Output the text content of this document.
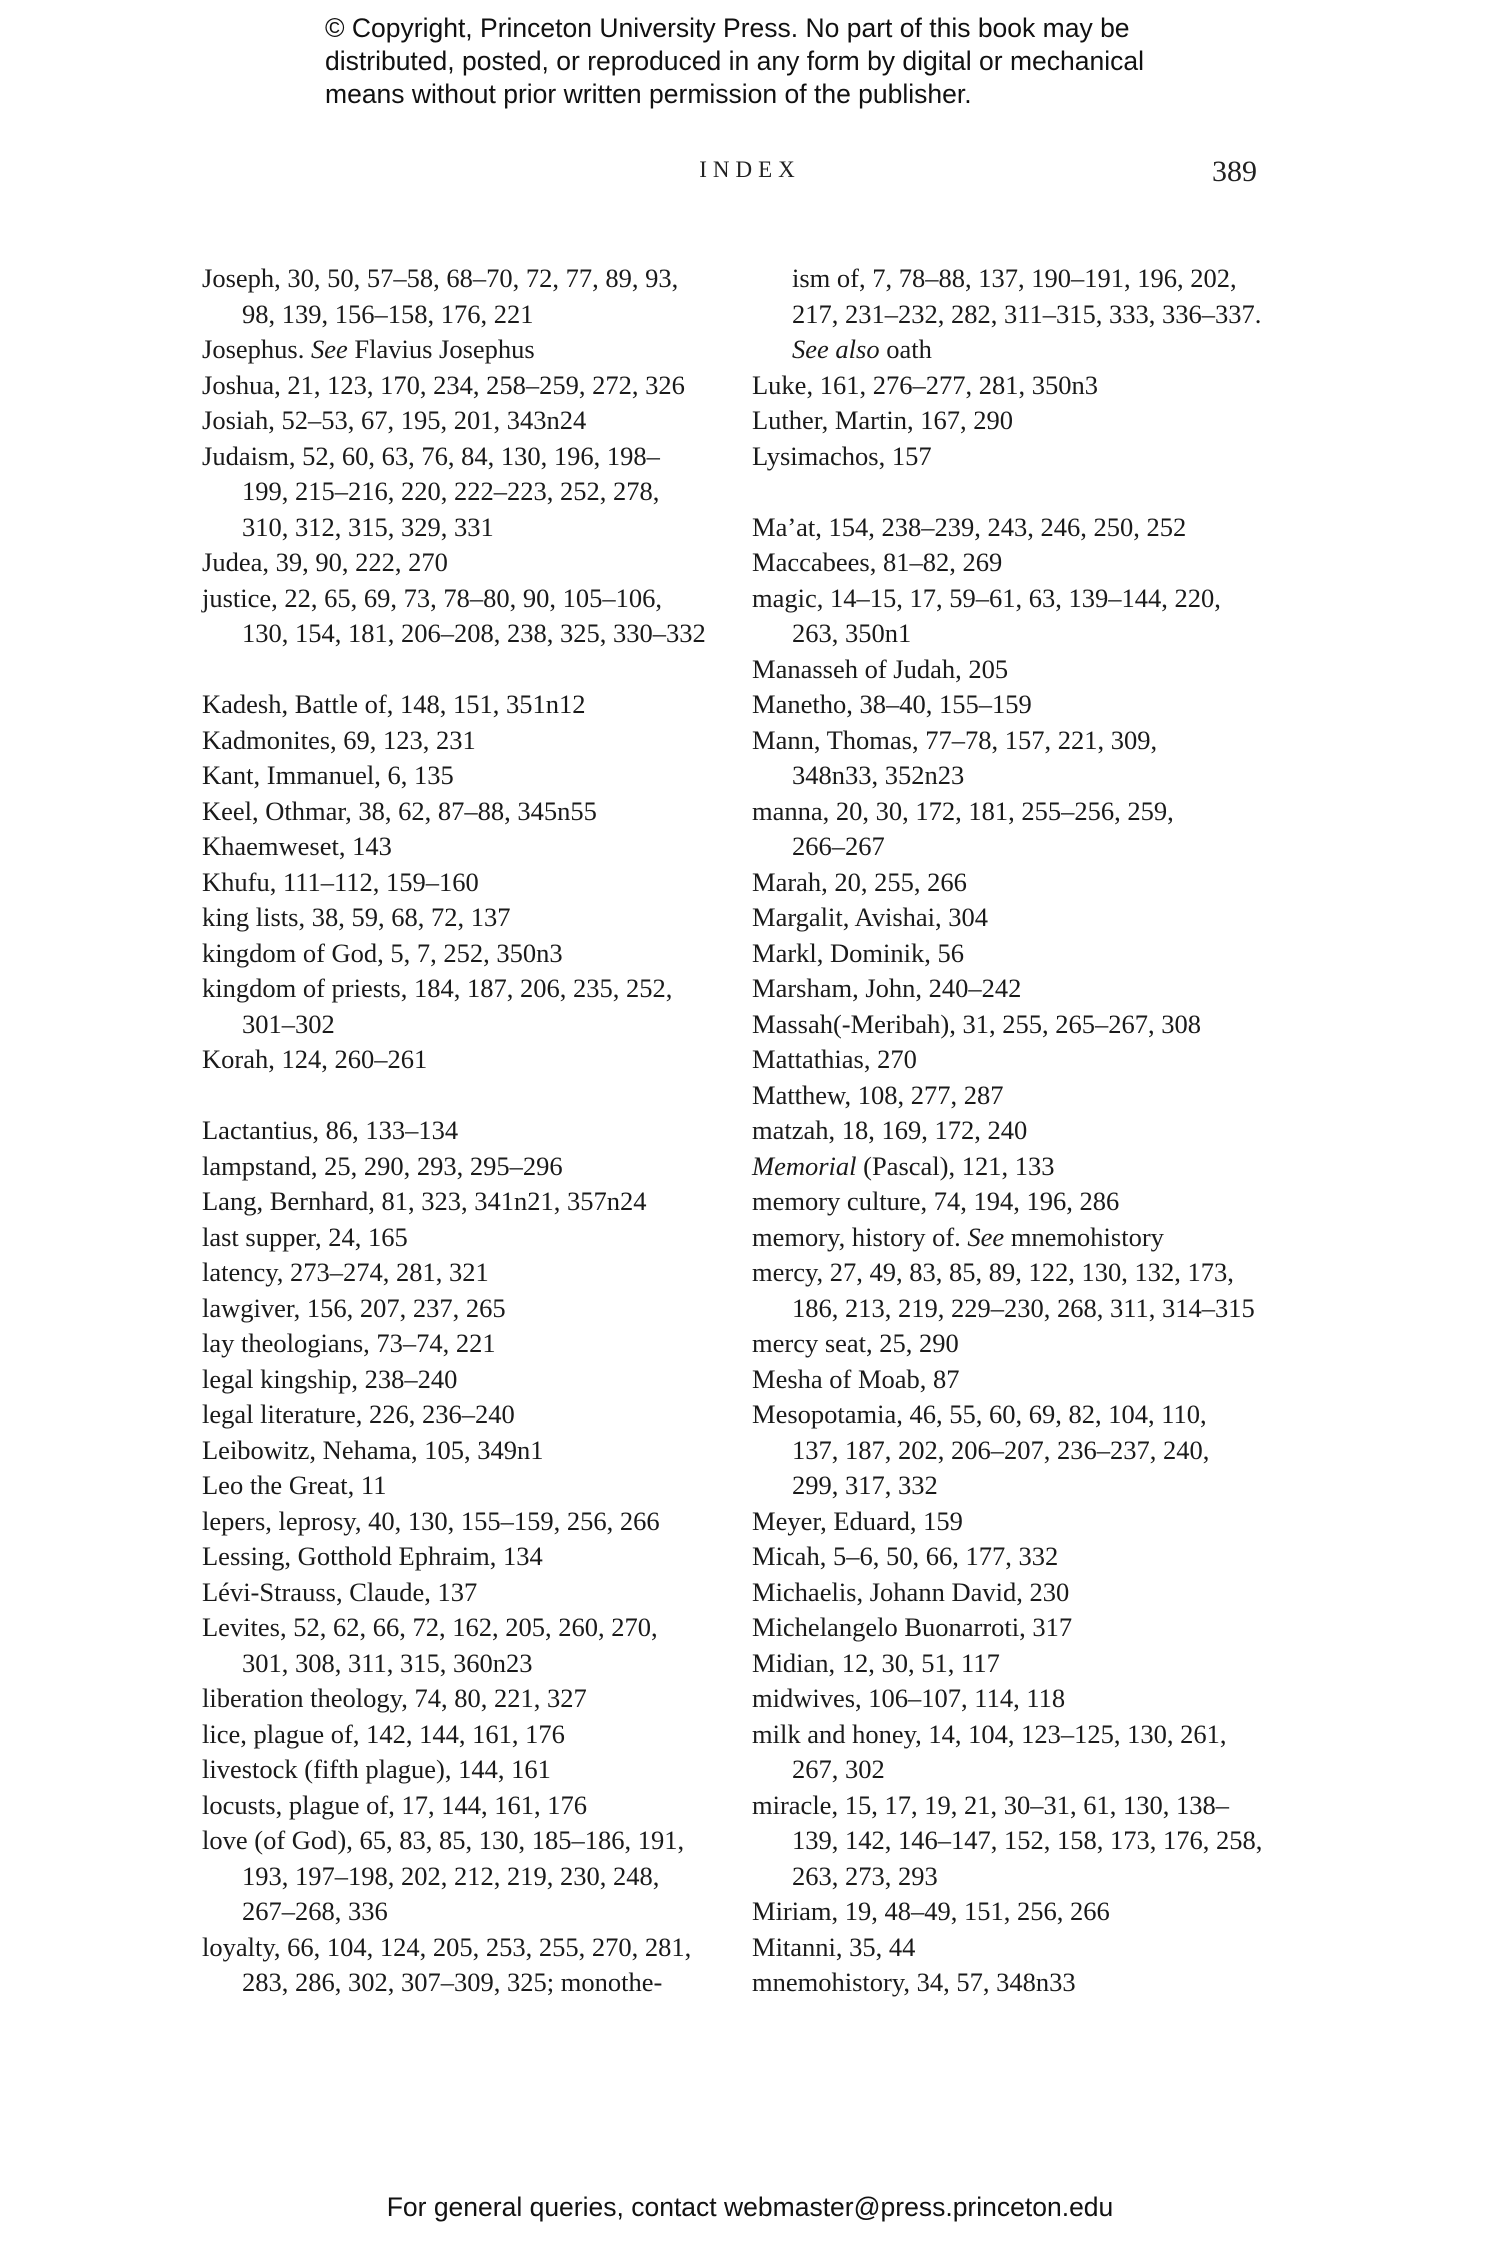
© Copyright, Princeton University Press. No part of this book may be
distributed, posted, or reproduced in any form by digital or mechanical
means without prior written permission of the publisher.
INDEX	389
Joseph, 30, 50, 57–58, 68–70, 72, 77, 89, 93,
98, 139, 156–158, 176, 221
Josephus. See Flavius Josephus
Joshua, 21, 123, 170, 234, 258–259, 272, 326
Josiah, 52–53, 67, 195, 201, 343n24
Judaism, 52, 60, 63, 76, 84, 130, 196, 198–
199, 215–216, 220, 222–223, 252, 278,
310, 312, 315, 329, 331
Judea, 39, 90, 222, 270
justice, 22, 65, 69, 73, 78–80, 90, 105–106,
130, 154, 181, 206–208, 238, 325, 330–332
Kadesh, Battle of, 148, 151, 351n12
Kadmonites, 69, 123, 231
Kant, Immanuel, 6, 135
Keel, Othmar, 38, 62, 87–88, 345n55
Khaemweset, 143
Khufu, 111–112, 159–160
king lists, 38, 59, 68, 72, 137
kingdom of God, 5, 7, 252, 350n3
kingdom of priests, 184, 187, 206, 235, 252,
301–302
Korah, 124, 260–261
Lactantius, 86, 133–134
lampstand, 25, 290, 293, 295–296
Lang, Bernhard, 81, 323, 341n21, 357n24
last supper, 24, 165
latency, 273–274, 281, 321
lawgiver, 156, 207, 237, 265
lay theologians, 73–74, 221
legal kingship, 238–240
legal literature, 226, 236–240
Leibowitz, Nehama, 105, 349n1
Leo the Great, 11
lepers, leprosy, 40, 130, 155–159, 256, 266
Lessing, Gotthold Ephraim, 134
Lévi-Strauss, Claude, 137
Levites, 52, 62, 66, 72, 162, 205, 260, 270,
301, 308, 311, 315, 360n23
liberation theology, 74, 80, 221, 327
lice, plague of, 142, 144, 161, 176
livestock (fifth plague), 144, 161
locusts, plague of, 17, 144, 161, 176
love (of God), 65, 83, 85, 130, 185–186, 191,
193, 197–198, 202, 212, 219, 230, 248,
267–268, 336
loyalty, 66, 104, 124, 205, 253, 255, 270, 281,
283, 286, 302, 307–309, 325; monothe-
ism of, 7, 78–88, 137, 190–191, 196, 202,
217, 231–232, 282, 311–315, 333, 336–337.
See also oath
Luke, 161, 276–277, 281, 350n3
Luther, Martin, 167, 290
Lysimachos, 157
Ma’at, 154, 238–239, 243, 246, 250, 252
Maccabees, 81–82, 269
magic, 14–15, 17, 59–61, 63, 139–144, 220,
263, 350n1
Manasseh of Judah, 205
Manetho, 38–40, 155–159
Mann, Thomas, 77–78, 157, 221, 309,
348n33, 352n23
manna, 20, 30, 172, 181, 255–256, 259,
266–267
Marah, 20, 255, 266
Margalit, Avishai, 304
Markl, Dominik, 56
Marsham, John, 240–242
Massah(-Meribah), 31, 255, 265–267, 308
Mattathias, 270
Matthew, 108, 277, 287
matzah, 18, 169, 172, 240
Memorial (Pascal), 121, 133
memory culture, 74, 194, 196, 286
memory, history of. See mnemohistory
mercy, 27, 49, 83, 85, 89, 122, 130, 132, 173,
186, 213, 219, 229–230, 268, 311, 314–315
mercy seat, 25, 290
Mesha of Moab, 87
Mesopotamia, 46, 55, 60, 69, 82, 104, 110,
137, 187, 202, 206–207, 236–237, 240,
299, 317, 332
Meyer, Eduard, 159
Micah, 5–6, 50, 66, 177, 332
Michaelis, Johann David, 230
Michelangelo Buonarroti, 317
Midian, 12, 30, 51, 117
midwives, 106–107, 114, 118
milk and honey, 14, 104, 123–125, 130, 261,
267, 302
miracle, 15, 17, 19, 21, 30–31, 61, 130, 138–
139, 142, 146–147, 152, 158, 173, 176, 258,
263, 273, 293
Miriam, 19, 48–49, 151, 256, 266
Mitanni, 35, 44
mnemohistory, 34, 57, 348n33
For general queries, contact webmaster@press.princeton.edu
